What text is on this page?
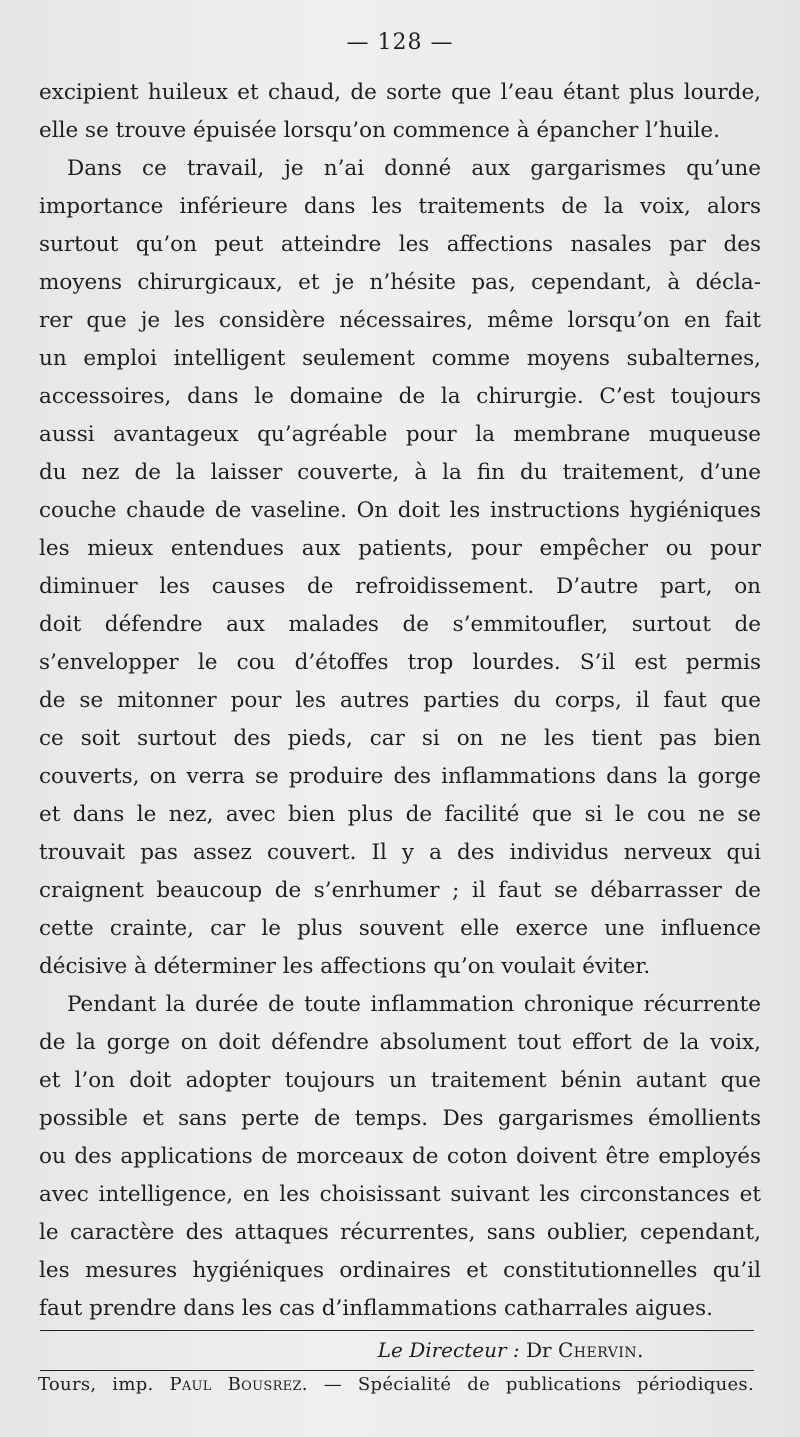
— 128 —
excipient huileux et chaud, de sorte que l’eau étant plus lourde,
elle se trouve épuisée lorsqu’on commence à épancher l’huile.
Dans ce travail, je n’ai donné aux gargarismes qu’une
importance inférieure dans les traitements de la voix, alors
surtout qu’on peut atteindre les affections nasales par des
moyens chirurgicaux, et je n’hésite pas, cependant, à décla-
rer que je les considère nécessaires, même lorsqu’on en fait
un emploi intelligent seulement comme moyens subalternes,
accessoires, dans le domaine de la chirurgie. C’est toujours
aussi avantageux qu’agréable pour la membrane muqueuse
du nez de la laisser couverte, à la fin du traitement, d’une
couche chaude de vaseline. On doit les instructions hygiéniques
les mieux entendues aux patients, pour empêcher ou pour
diminuer les causes de refroidissement. D’autre part, on
doit défendre aux malades de s’emmitoufler, surtout de
s’envelopper le cou d’étoffes trop lourdes. S’il est permis
de se mitonner pour les autres parties du corps, il faut que
ce soit surtout des pieds, car si on ne les tient pas bien
couverts, on verra se produire des inflammations dans la gorge
et dans le nez, avec bien plus de facilité que si le cou ne se
trouvait pas assez couvert. Il y a des individus nerveux qui
craignent beaucoup de s’enrhumer ; il faut se débarrasser de
cette crainte, car le plus souvent elle exerce une influence
décisive à déterminer les affections qu’on voulait éviter.
Pendant la durée de toute inflammation chronique récurrente
de la gorge on doit défendre absolument tout effort de la voix,
et l’on doit adopter toujours un traitement bénin autant que
possible et sans perte de temps. Des gargarismes émollients
ou des applications de morceaux de coton doivent être employés
avec intelligence, en les choisissant suivant les circonstances et
le caractère des attaques récurrentes, sans oublier, cependant,
les mesures hygiéniques ordinaires et constitutionnelles qu’il
faut prendre dans les cas d’inflammations catharrales aigues.
Le Directeur : Dr Chervin.
Tours, imp. Paul Bousrez. — Spécialité de publications périodiques.
